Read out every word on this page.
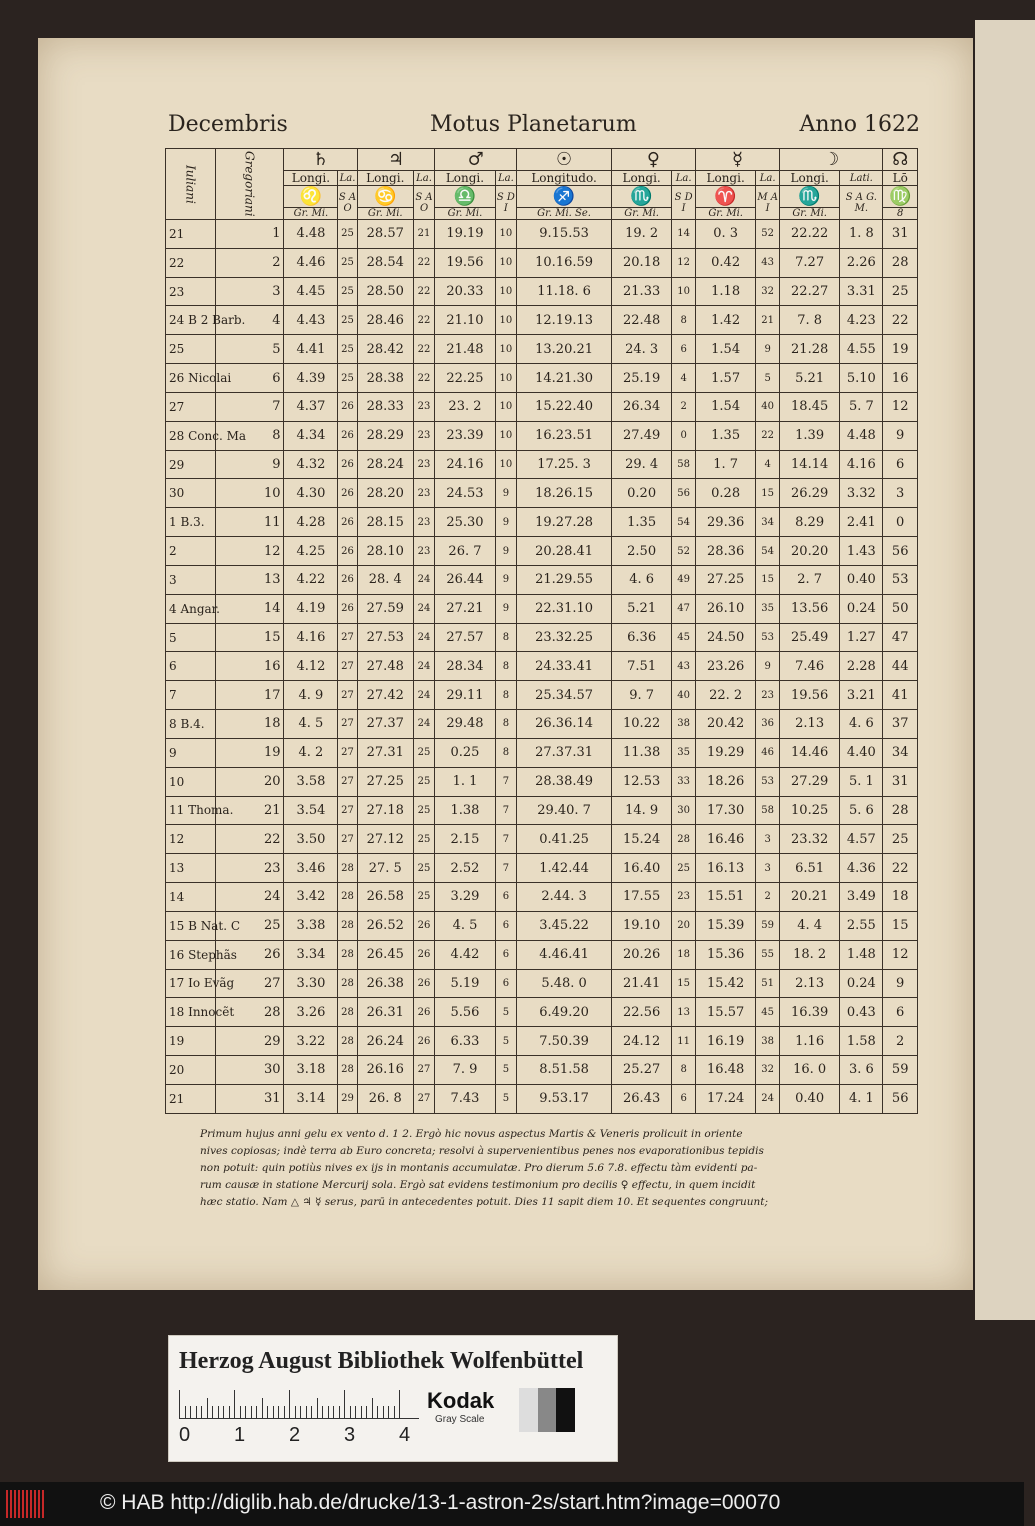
Decembris	Motus Planetarum	Anno 1622
Iuliani	Gregoriani	♄		♃		♂		☉	♀		☿		☽		☊
		Longi.	La.	Longi.	La.	Longi.	La.	Longitudo.	Longi.	La.	Longi.	La.	Longi.	Lati.	Lō
		♌	S A O	♋	S A O	♎	S D I	♐	♏	S D I	♈	M A I	♏	S A G. M.	♍
		Gr. Mi.		Gr. Mi.		Gr. Mi.		Gr. Mi. Se.	Gr. Mi.		Gr. Mi.		Gr. Mi.		8
21	1	4.48	25	28.57	21	19.19	10	9.15.53	19. 2	14	0. 3	52	22.22	1. 8	31
22	2	4.46	25	28.54	22	19.56	10	10.16.59	20.18	12	0.42	43	7.27	2.26	28
23	3	4.45	25	28.50	22	20.33	10	11.18. 6	21.33	10	1.18	32	22.27	3.31	25
24 B 2 Barb.	4	4.43	25	28.46	22	21.10	10	12.19.13	22.48	8	1.42	21	7. 8	4.23	22
25	5	4.41	25	28.42	22	21.48	10	13.20.21	24. 3	6	1.54	9	21.28	4.55	19
26 Nicolai	6	4.39	25	28.38	22	22.25	10	14.21.30	25.19	4	1.57	5	5.21	5.10	16
27	7	4.37	26	28.33	23	23. 2	10	15.22.40	26.34	2	1.54	40	18.45	5. 7	12
28 Conc. Ma	8	4.34	26	28.29	23	23.39	10	16.23.51	27.49	0	1.35	22	1.39	4.48	9
29	9	4.32	26	28.24	23	24.16	10	17.25. 3	29. 4	58	1. 7	4	14.14	4.16	6
30	10	4.30	26	28.20	23	24.53	9	18.26.15	0.20	56	0.28	15	26.29	3.32	3
1 B.3.	11	4.28	26	28.15	23	25.30	9	19.27.28	1.35	54	29.36	34	8.29	2.41	0
2	12	4.25	26	28.10	23	26. 7	9	20.28.41	2.50	52	28.36	54	20.20	1.43	56
3	13	4.22	26	28. 4	24	26.44	9	21.29.55	4. 6	49	27.25	15	2. 7	0.40	53
4 Angar.	14	4.19	26	27.59	24	27.21	9	22.31.10	5.21	47	26.10	35	13.56	0.24	50
5	15	4.16	27	27.53	24	27.57	8	23.32.25	6.36	45	24.50	53	25.49	1.27	47
6	16	4.12	27	27.48	24	28.34	8	24.33.41	7.51	43	23.26	9	7.46	2.28	44
7	17	4. 9	27	27.42	24	29.11	8	25.34.57	9. 7	40	22. 2	23	19.56	3.21	41
8 B.4.	18	4. 5	27	27.37	24	29.48	8	26.36.14	10.22	38	20.42	36	2.13	4. 6	37
9	19	4. 2	27	27.31	25	0.25	8	27.37.31	11.38	35	19.29	46	14.46	4.40	34
10	20	3.58	27	27.25	25	1. 1	7	28.38.49	12.53	33	18.26	53	27.29	5. 1	31
11 Thoma.	21	3.54	27	27.18	25	1.38	7	29.40. 7	14. 9	30	17.30	58	10.25	5. 6	28
12	22	3.50	27	27.12	25	2.15	7	0.41.25	15.24	28	16.46	3	23.32	4.57	25
13	23	3.46	28	27. 5	25	2.52	7	1.42.44	16.40	25	16.13	3	6.51	4.36	22
14	24	3.42	28	26.58	25	3.29	6	2.44. 3	17.55	23	15.51	2	20.21	3.49	18
15 B Nat. C	25	3.38	28	26.52	26	4. 5	6	3.45.22	19.10	20	15.39	59	4. 4	2.55	15
16 Stephãs	26	3.34	28	26.45	26	4.42	6	4.46.41	20.26	18	15.36	55	18. 2	1.48	12
17 Io Evãg	27	3.30	28	26.38	26	5.19	6	5.48. 0	21.41	15	15.42	51	2.13	0.24	9
18 Innocẽt	28	3.26	28	26.31	26	5.56	5	6.49.20	22.56	13	15.57	45	16.39	0.43	6
19	29	3.22	28	26.24	26	6.33	5	7.50.39	24.12	11	16.19	38	1.16	1.58	2
20	30	3.18	28	26.16	27	7. 9	5	8.51.58	25.27	8	16.48	32	16. 0	3. 6	59
21	31	3.14	29	26. 8	27	7.43	5	9.53.17	26.43	6	17.24	24	0.40	4. 1	56
Primum hujus anni gelu ex vento d. 1 2. Ergò hic novus aspectus Martis & Veneris prolicuit in oriente
nives copiosas; indè terra ab Euro concreta; resolvi à supervenientibus penes nos evaporationibus tepidis
non potuit: quin potiùs nives ex ijs in montanis accumulatæ. Pro dierum 5.6 7.8. effectu tàm evidenti pa-
rum causæ in statione Mercurij sola. Ergò sat evidens testimonium pro decilis ♀ effectu, in quem incidit
hæc statio. Nam △ ♃ ☿ serus, parū in antecedentes potuit. Dies 11 sapit diem 10. Et sequentes congruunt;
Herzog August Bibliothek Wolfenbüttel
0 1 2 3 4
Kodak
Gray Scale
© HAB http://diglib.hab.de/drucke/13-1-astron-2s/start.htm?image=00070
